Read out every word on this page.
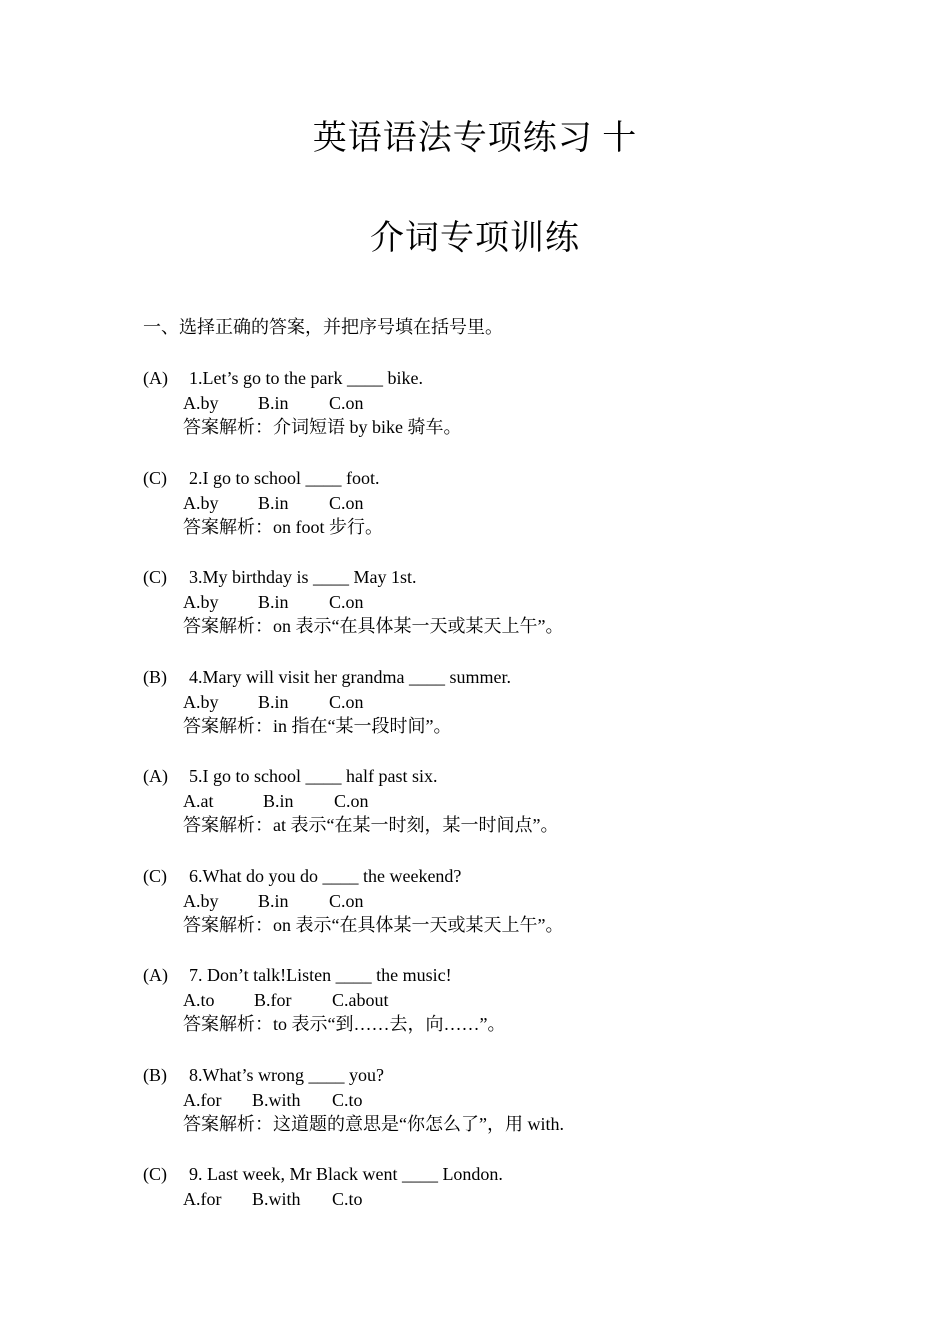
英语语法专项练习 十
介词专项训练
一、选择正确的答案，并把序号填在括号里。
(A) 1.Let’s go to the park ____ bike.
A.by B.in C.on
答案解析：介词短语 by bike 骑车。
(C) 2.I go to school ____ foot.
A.by B.in C.on
答案解析：on foot 步行。
(C) 3.My birthday is ____ May 1st.
A.by B.in C.on
答案解析：on 表示“在具体某一天或某天上午”。
(B) 4.Mary will visit her grandma ____ summer.
A.by B.in C.on
答案解析：in 指在“某一段时间”。
(A) 5.I go to school ____ half past six.
A.at	B.in C.on
答案解析：at 表示“在某一时刻，某一时间点”。
(C) 6.What do you do ____ the weekend?
A.by B.in C.on
答案解析：on 表示“在具体某一天或某天上午”。
(A) 7. Don’t talk!Listen ____ the music!
A.to B.for C.about
答案解析：to 表示“到……去，向……”。
(B) 8.What’s wrong ____ you?
A.for B.with C.to
答案解析：这道题的意思是“你怎么了”，用 with.
(C) 9. Last week, Mr Black went ____ London.
A.for B.with C.to
